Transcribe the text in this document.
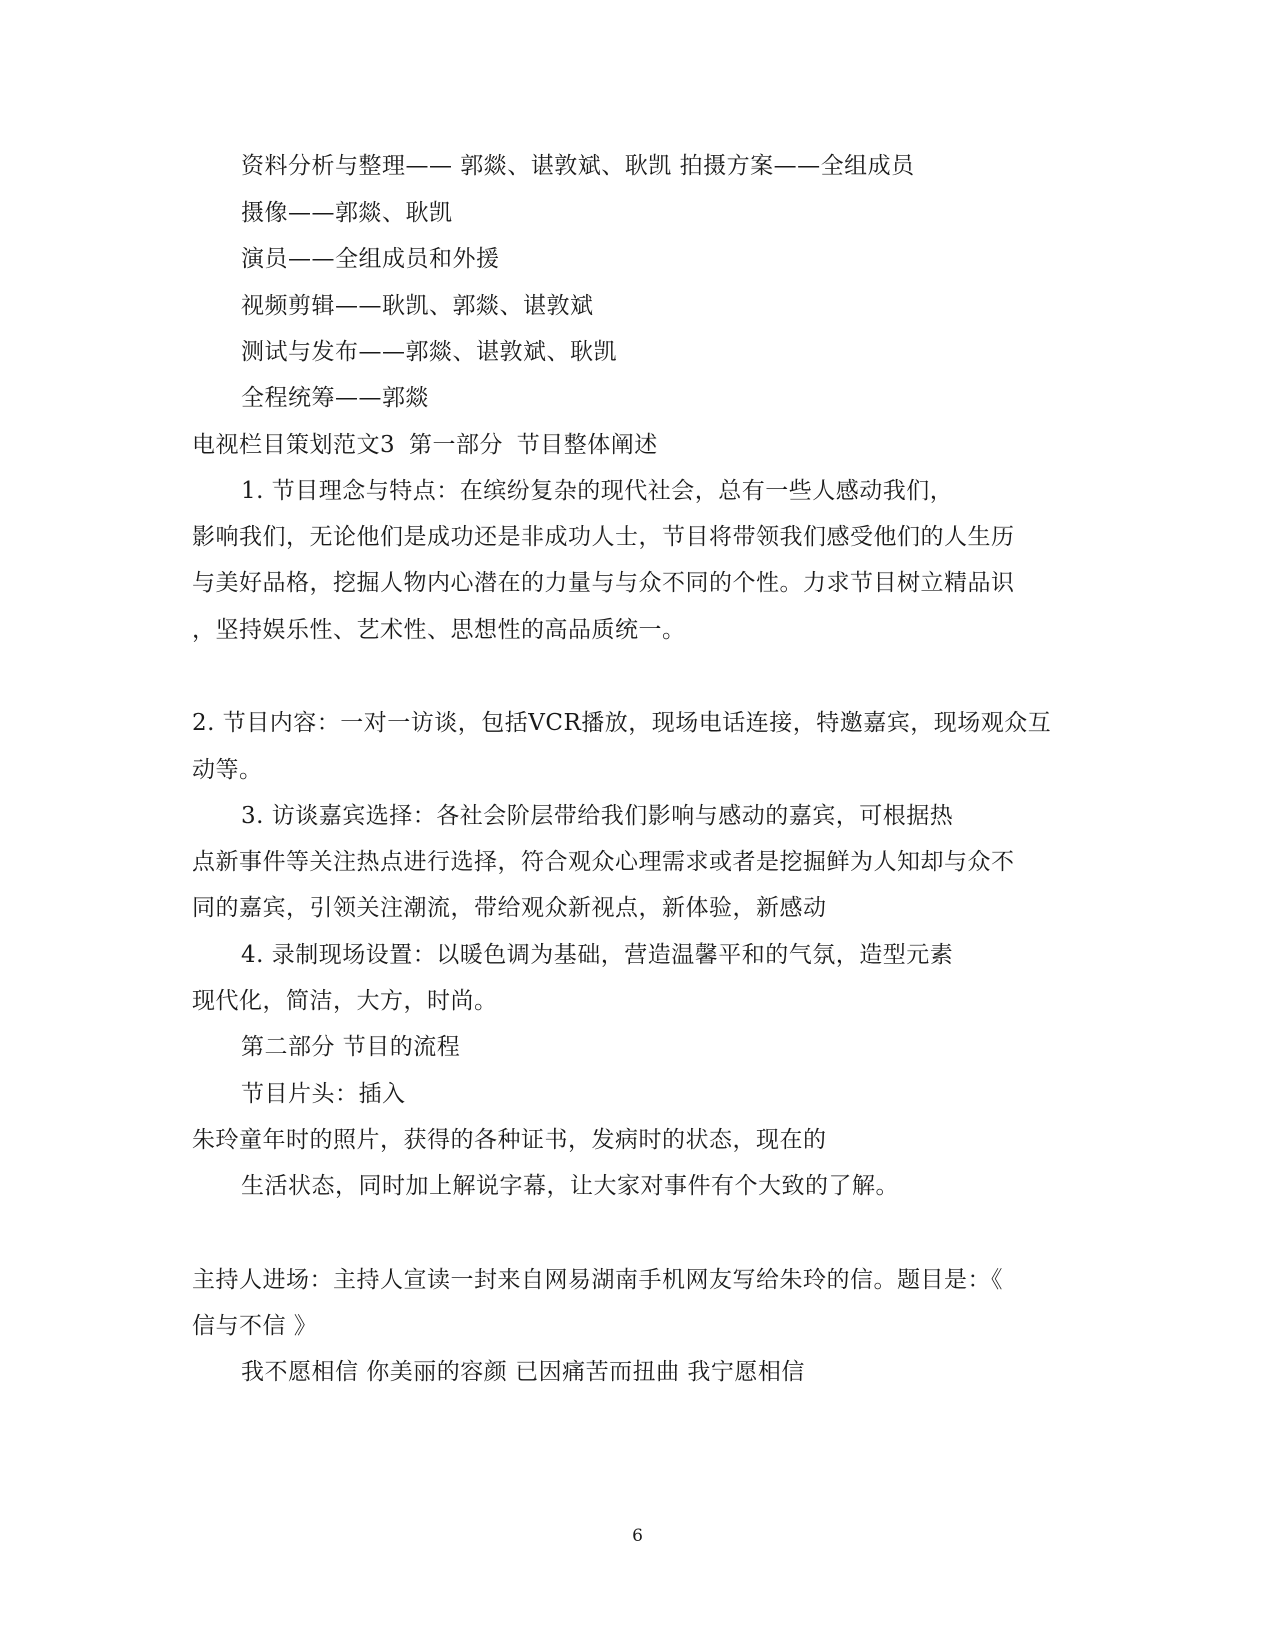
资料分析与整理—— 郭燚、谌敦斌、耿凯 拍摄方案——全组成员
摄像——郭燚、耿凯
演员——全组成员和外援
视频剪辑——耿凯、郭燚、谌敦斌
测试与发布——郭燚、谌敦斌、耿凯
全程统筹——郭燚
电视栏目策划范文3 第一部分 节目整体阐述
1. 节目理念与特点：在缤纷复杂的现代社会，总有一些人感动我们，
影响我们，无论他们是成功还是非成功人士，节目将带领我们感受他们的人生历
与美好品格，挖掘人物内心潜在的力量与与众不同的个性。力求节目树立精品识
，坚持娱乐性、艺术性、思想性的高品质统一。
2. 节目内容：一对一访谈，包括VCR播放，现场电话连接，特邀嘉宾，现场观众互
动等。
3. 访谈嘉宾选择：各社会阶层带给我们影响与感动的嘉宾，可根据热
点新事件等关注热点进行选择，符合观众心理需求或者是挖掘鲜为人知却与众不
同的嘉宾，引领关注潮流，带给观众新视点，新体验，新感动
4. 录制现场设置：以暖色调为基础，营造温馨平和的气氛，造型元素
现代化，简洁，大方，时尚。
第二部分 节目的流程
节目片头：插入
朱玲童年时的照片，获得的各种证书，发病时的状态，现在的
生活状态，同时加上解说字幕，让大家对事件有个大致的了解。
主持人进场：主持人宣读一封来自网易湖南手机网友写给朱玲的信。题目是：《
信与不信 》
我不愿相信 你美丽的容颜 已因痛苦而扭曲 我宁愿相信
6
